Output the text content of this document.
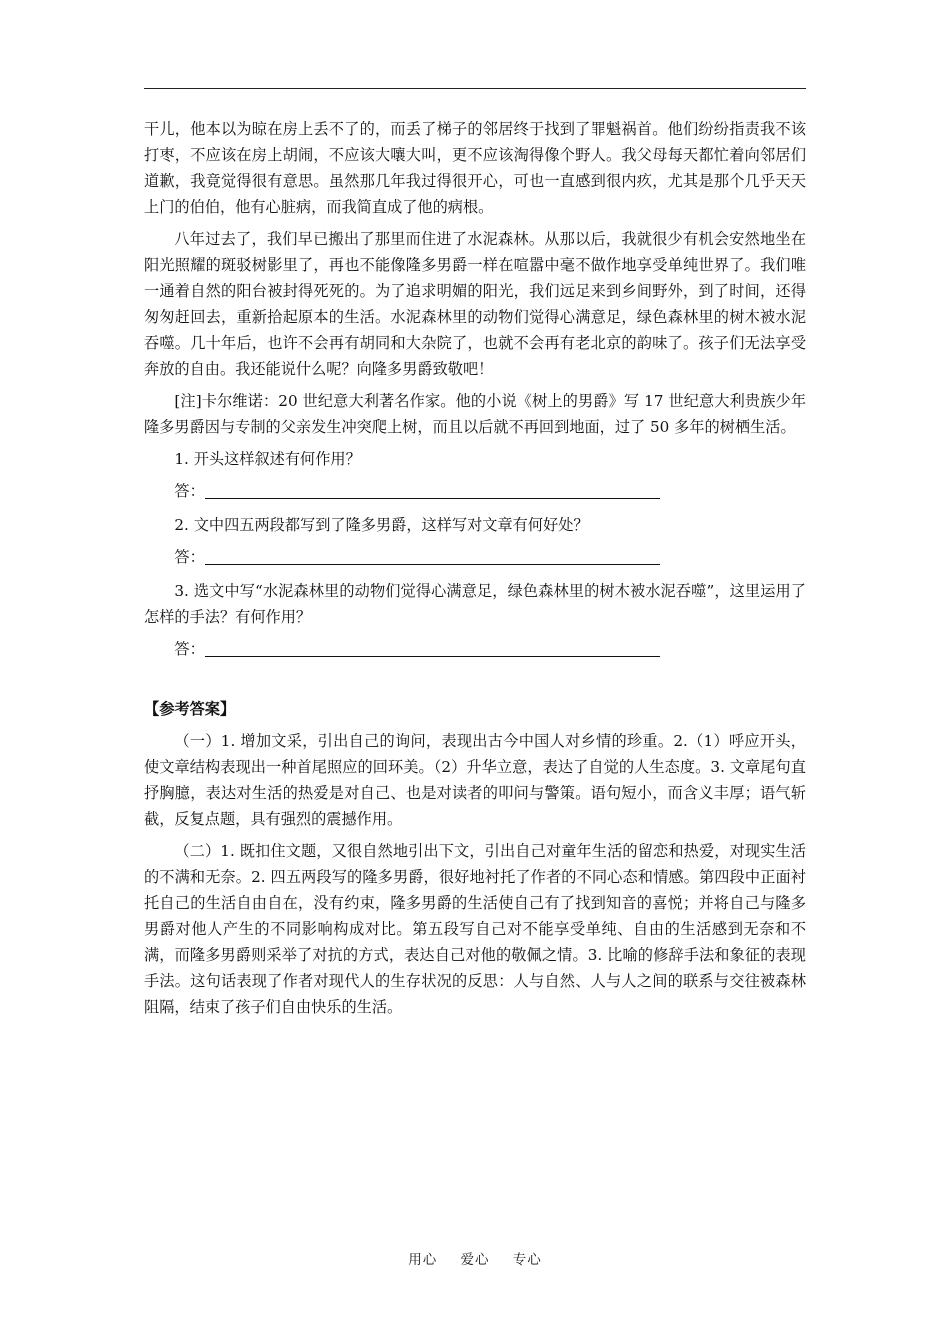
干儿，他本以为晾在房上丢不了的，而丢了梯子的邻居终于找到了罪魁祸首。他们纷纷指责我不该打枣，不应该在房上胡闹，不应该大嚷大叫，更不应该淘得像个野人。我父母每天都忙着向邻居们道歉，我竟觉得很有意思。虽然那几年我过得很开心，可也一直感到很内疚，尤其是那个几乎天天上门的伯伯，他有心脏病，而我简直成了他的病根。

八年过去了，我们早已搬出了那里而住进了水泥森林。从那以后，我就很少有机会安然地坐在阳光照耀的斑驳树影里了，再也不能像隆多男爵一样在喧嚣中毫不做作地享受单纯世界了。我们唯一通着自然的阳台被封得死死的。为了追求明媚的阳光，我们远足来到乡间野外，到了时间，还得匆匆赶回去，重新拾起原本的生活。水泥森林里的动物们觉得心满意足，绿色森林里的树木被水泥吞噬。几十年后，也许不会再有胡同和大杂院了，也就不会再有老北京的韵味了。孩子们无法享受奔放的自由。我还能说什么呢？向隆多男爵致敬吧！

[注]卡尔维诺：20 世纪意大利著名作家。他的小说《树上的男爵》写 17 世纪意大利贵族少年隆多男爵因与专制的父亲发生冲突爬上树，而且以后就不再回到地面，过了 50 多年的树栖生活。

1. 开头这样叙述有何作用？

答：

2. 文中四五两段都写到了隆多男爵，这样写对文章有何好处？

答：

3. 选文中写“水泥森林里的动物们觉得心满意足，绿色森林里的树木被水泥吞噬”，这里运用了怎样的手法？有何作用？

答：

【参考答案】

（一）1. 增加文采，引出自己的询问，表现出古今中国人对乡情的珍重。2.（1）呼应开头，使文章结构表现出一种首尾照应的回环美。（2）升华立意，表达了自觉的人生态度。3. 文章尾句直抒胸臆，表达对生活的热爱是对自己、也是对读者的叩问与警策。语句短小，而含义丰厚；语气斩截，反复点题，具有强烈的震撼作用。

（二）1. 既扣住文题，又很自然地引出下文，引出自己对童年生活的留恋和热爱，对现实生活的不满和无奈。2. 四五两段写的隆多男爵，很好地衬托了作者的不同心态和情感。第四段中正面衬托自己的生活自由自在，没有约束，隆多男爵的生活使自己有了找到知音的喜悦；并将自己与隆多男爵对他人产生的不同影响构成对比。第五段写自己对不能享受单纯、自由的生活感到无奈和不满，而隆多男爵则采举了对抗的方式，表达自己对他的敬佩之情。3. 比喻的修辞手法和象征的表现手法。这句话表现了作者对现代人的生存状况的反思：人与自然、人与人之间的联系与交往被森林阻隔，结束了孩子们自由快乐的生活。

用心 爱心 专心
